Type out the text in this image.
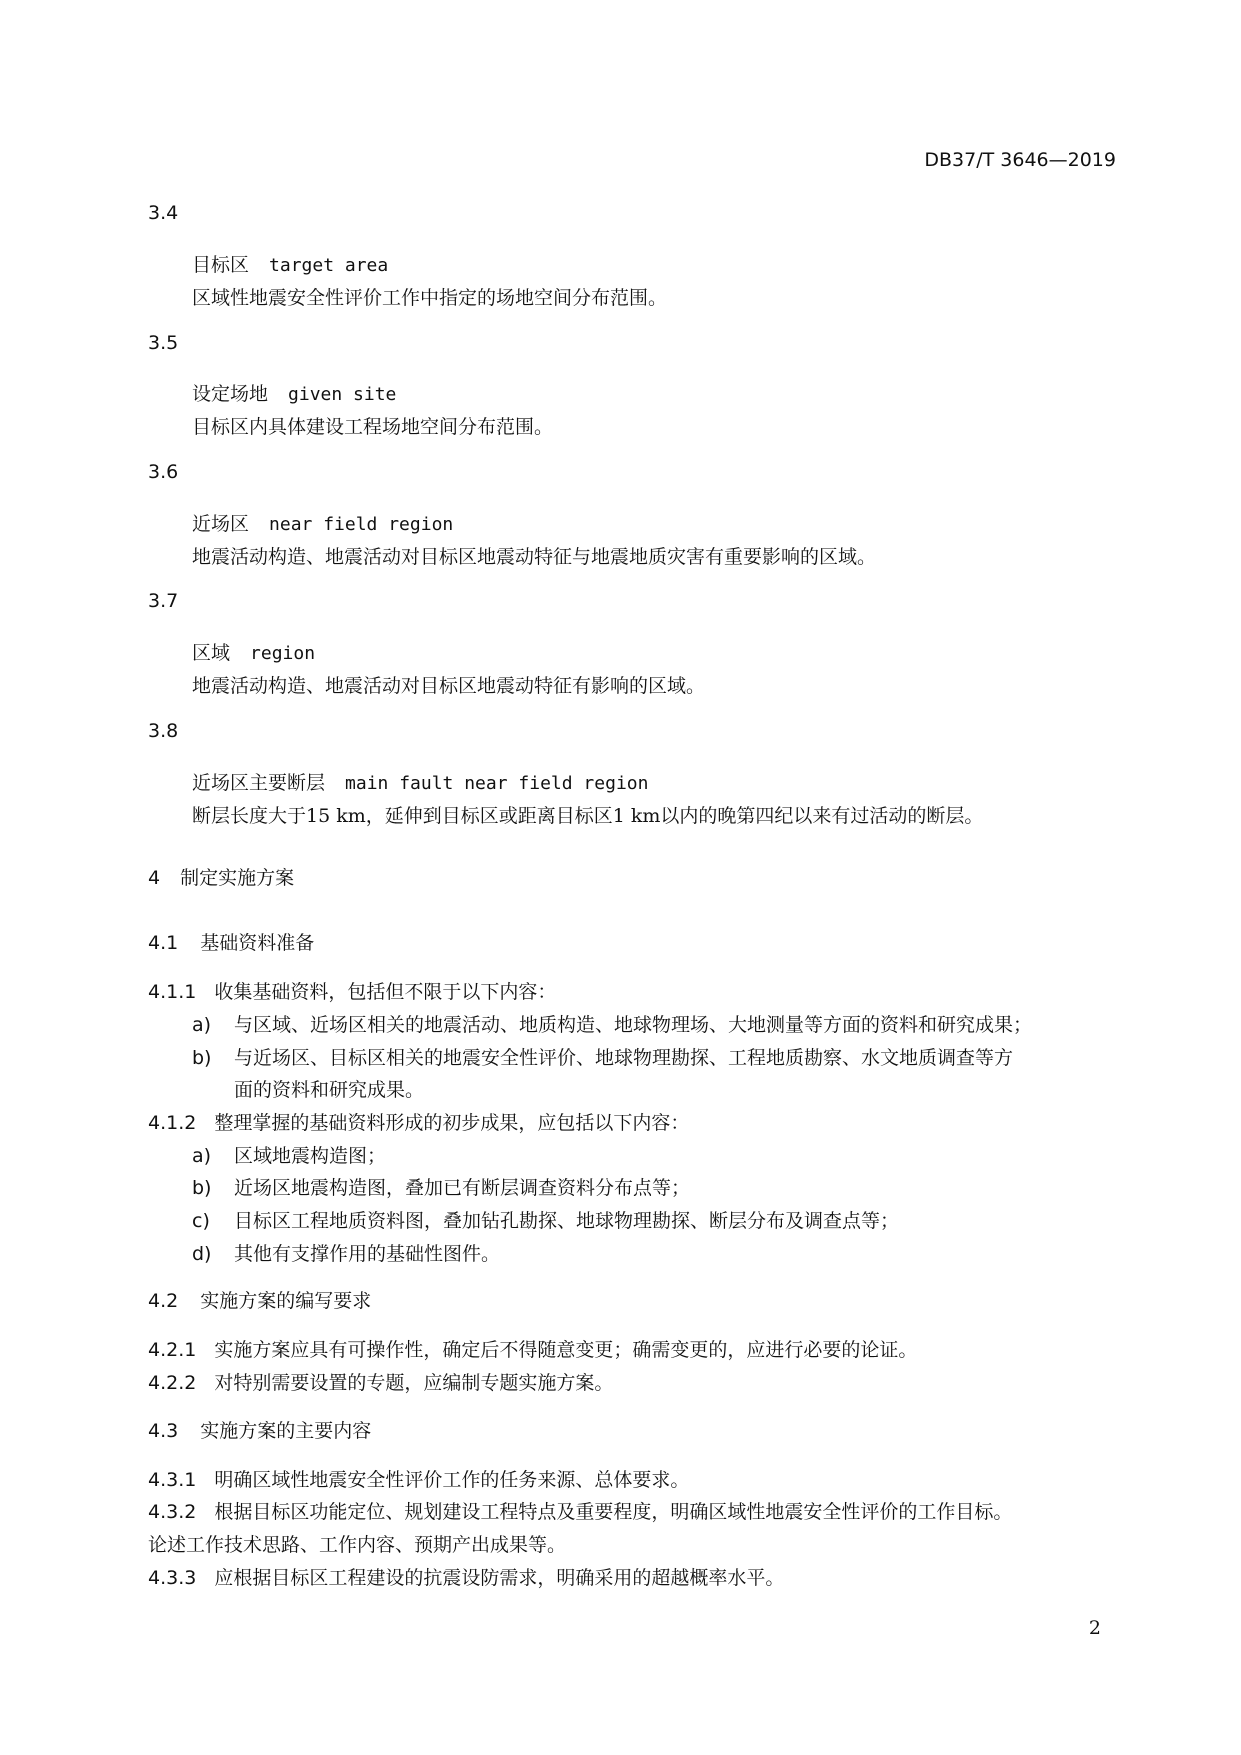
DB37/T 3646—2019
3.4
目标区 target area
区域性地震安全性评价工作中指定的场地空间分布范围。
3.5
设定场地 given site
目标区内具体建设工程场地空间分布范围。
3.6
近场区 near field region
地震活动构造、地震活动对目标区地震动特征与地震地质灾害有重要影响的区域。
3.7
区域 region
地震活动构造、地震活动对目标区地震动特征有影响的区域。
3.8
近场区主要断层 main fault near field region
断层长度大于15 km，延伸到目标区或距离目标区1 km以内的晚第四纪以来有过活动的断层。
4 制定实施方案
4.1 基础资料准备
4.1.1 收集基础资料，包括但不限于以下内容：
a) 与区域、近场区相关的地震活动、地质构造、地球物理场、大地测量等方面的资料和研究成果；
b) 与近场区、目标区相关的地震安全性评价、地球物理勘探、工程地质勘察、水文地质调查等方
面的资料和研究成果。
4.1.2 整理掌握的基础资料形成的初步成果，应包括以下内容：
a) 区域地震构造图；
b) 近场区地震构造图，叠加已有断层调查资料分布点等；
c) 目标区工程地质资料图，叠加钻孔勘探、地球物理勘探、断层分布及调查点等；
d) 其他有支撑作用的基础性图件。
4.2 实施方案的编写要求
4.2.1 实施方案应具有可操作性，确定后不得随意变更；确需变更的，应进行必要的论证。
4.2.2 对特别需要设置的专题，应编制专题实施方案。
4.3 实施方案的主要内容
4.3.1 明确区域性地震安全性评价工作的任务来源、总体要求。
4.3.2 根据目标区功能定位、规划建设工程特点及重要程度，明确区域性地震安全性评价的工作目标。
论述工作技术思路、工作内容、预期产出成果等。
4.3.3 应根据目标区工程建设的抗震设防需求，明确采用的超越概率水平。
2
